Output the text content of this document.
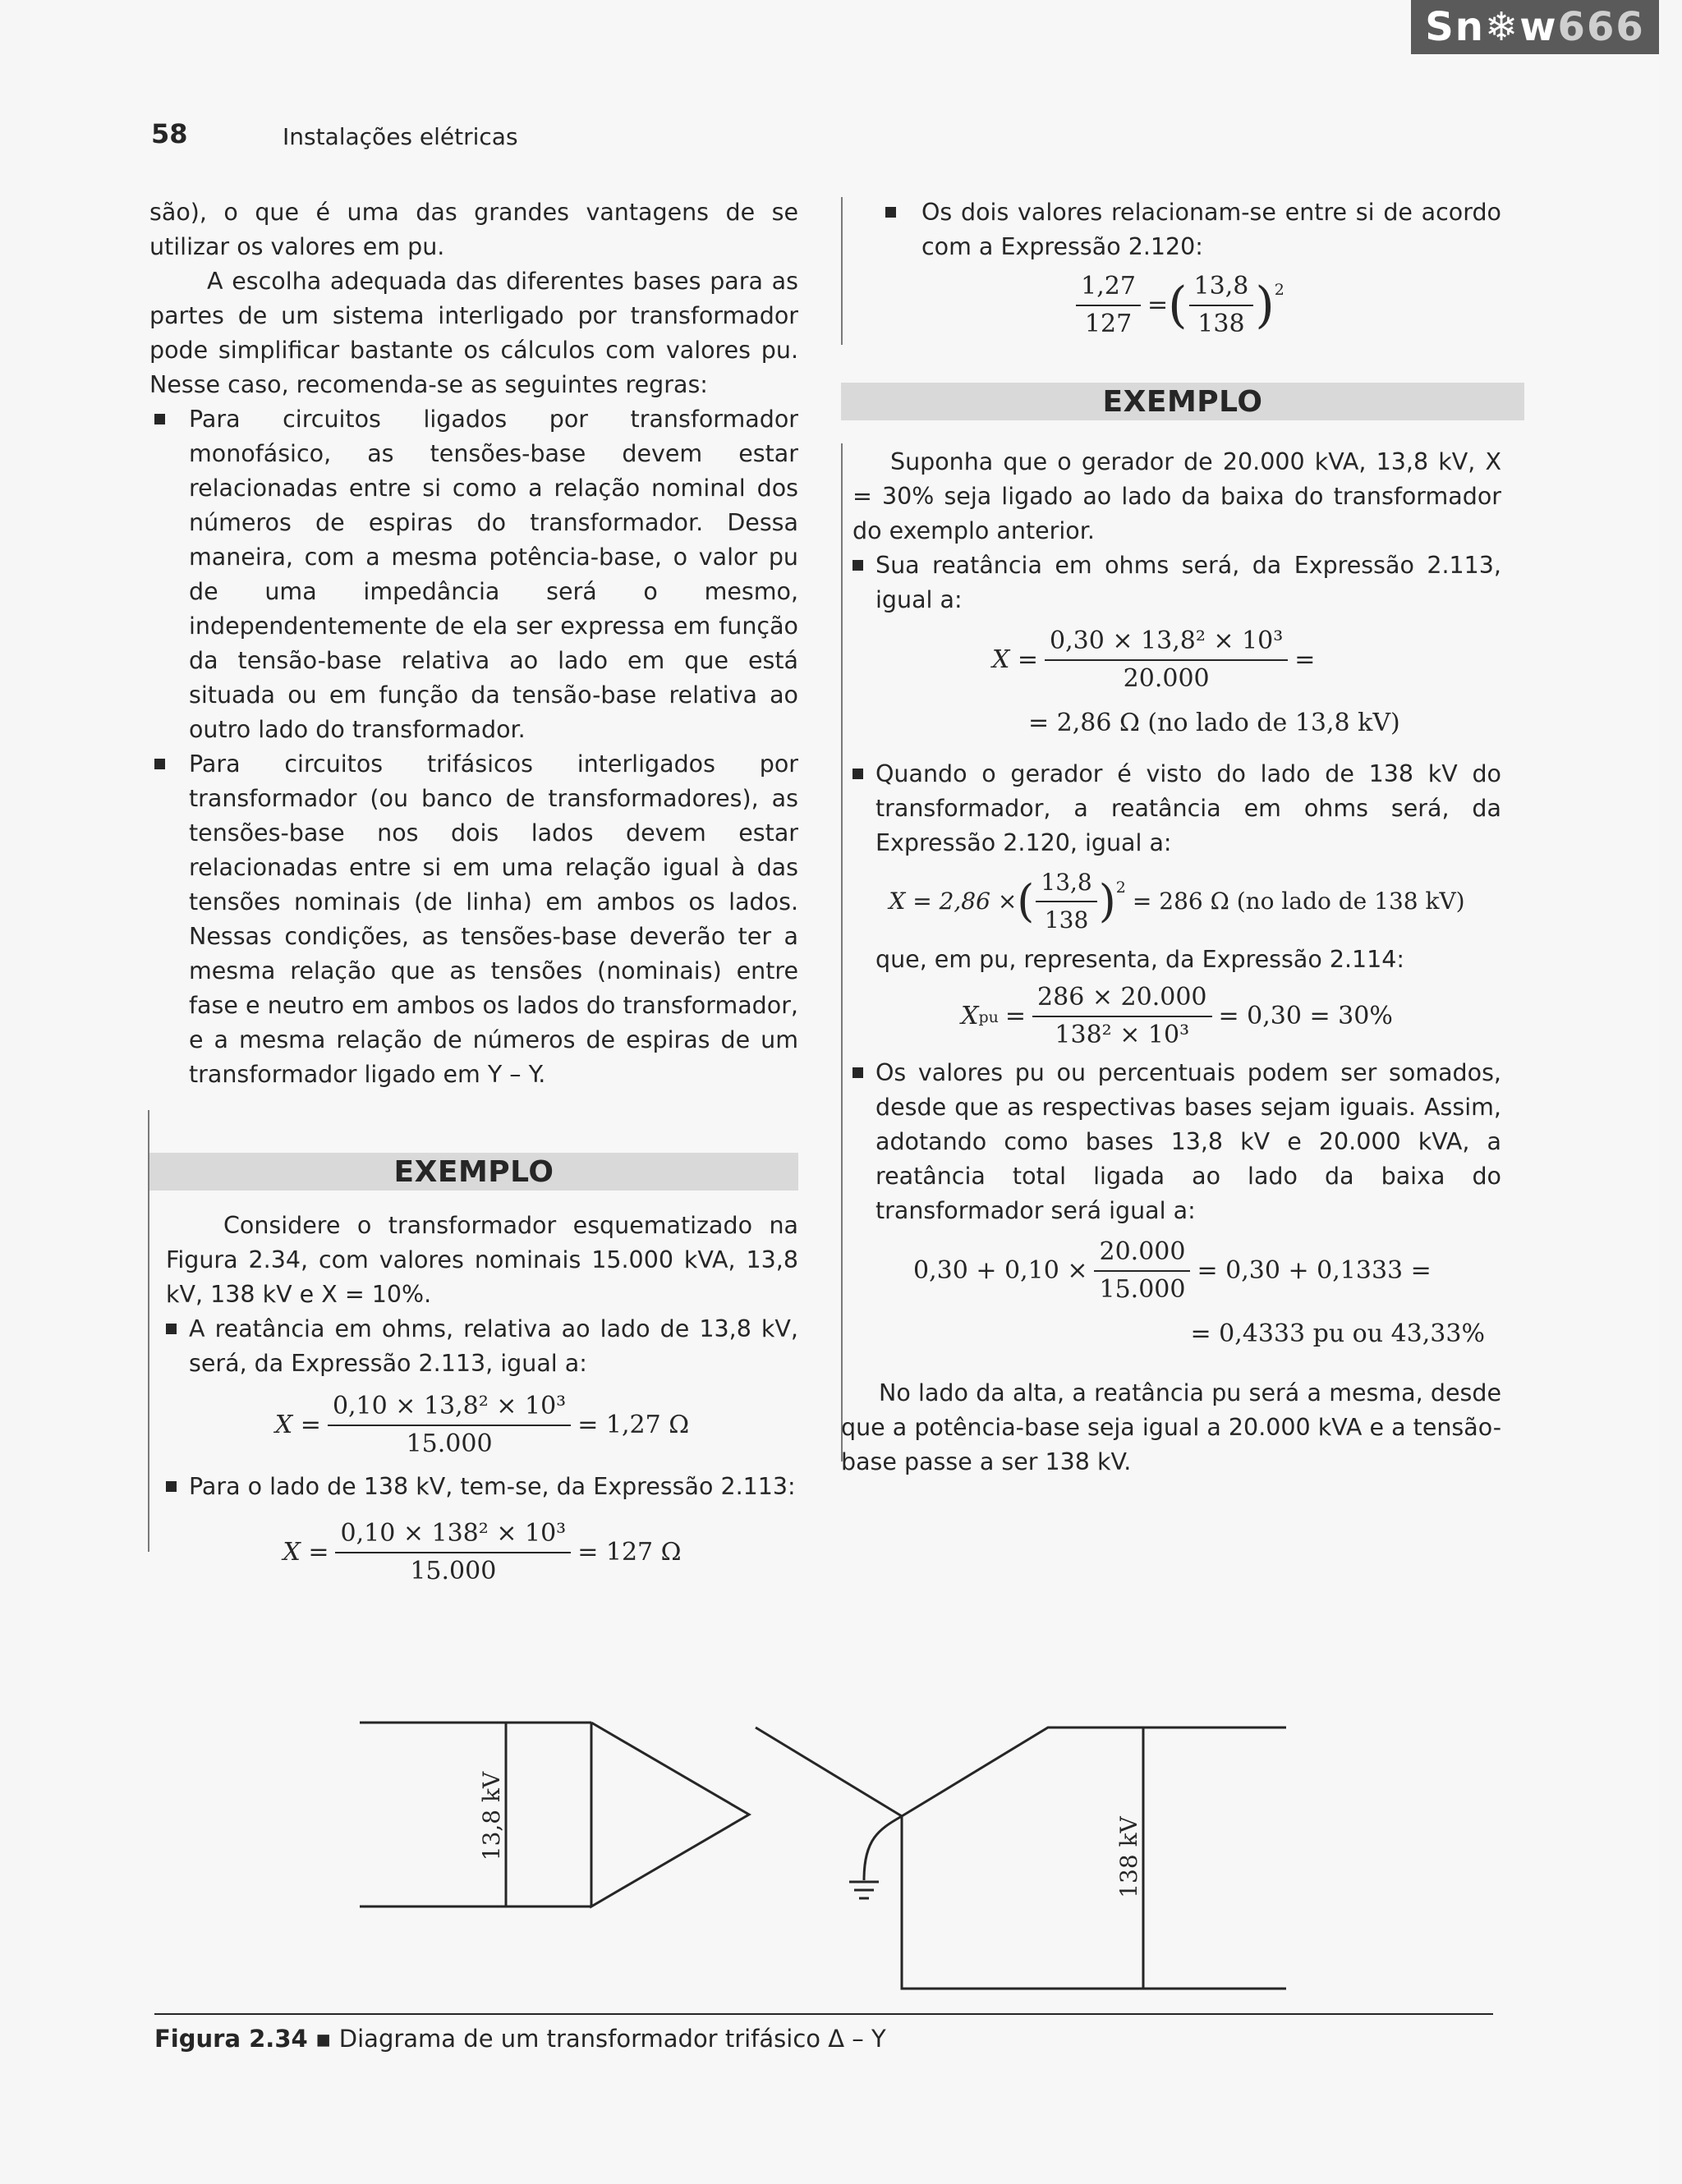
Sn❄w666
58	Instalações elétricas

são), o que é uma das grandes vantagens de se utilizar os valores em pu.

A escolha adequada das diferentes bases para as partes de um sistema interligado por transformador pode simplificar bastante os cálculos com valores pu. Nesse caso, recomenda-se as seguintes regras:

Para circuitos ligados por transformador monofásico, as tensões-base devem estar relacionadas entre si como a relação nominal dos números de espiras do transformador. Dessa maneira, com a mesma potência-base, o valor pu de uma impedância será o mesmo, independentemente de ela ser expressa em função da tensão-base relativa ao lado em que está situada ou em função da tensão-base relativa ao outro lado do transformador.
Para circuitos trifásicos interligados por transformador (ou banco de transformadores), as tensões-base nos dois lados devem estar relacionadas entre si em uma relação igual à das tensões nominais (de linha) em ambos os lados. Nessas condições, as tensões-base deverão ter a mesma relação que as tensões (nominais) entre fase e neutro em ambos os lados do transformador, e a mesma relação de números de espiras de um transformador ligado em Y – Y.
EXEMPLO

Considere o transformador esquematizado na Figura 2.34, com valores nominais 15.000 kVA, 13,8 kV, 138 kV e X = 10%.

A reatância em ohms, relativa ao lado de 13,8 kV, será, da Expressão 2.113, igual a:
$X = \frac{\text{0,10 × 13,8² × 10³}}{15.000} = 1,27$ Ω
Para o lado de 138 kV, tem-se, da Expressão 2.113:
$X = \frac{\text{0,10 × 138² × 10³}}{15.000} = 127$ Ω
Os dois valores relacionam-se entre si de acordo com a Expressão 2.120:
$\frac{1,27}{127}$ = ( $\frac{13,8}{138} )^2$
EXEMPLO

Suponha que o gerador de 20.000 kVA, 13,8 kV, X = 30% seja ligado ao lado da baixa do transformador do exemplo anterior.

Sua reatância em ohms será, da Expressão 2.113, igual a:
$X = \frac{\text{0,30 × 13,8² × 10³}}{20.000}$ =
= 2,86 Ω (no lado de 13,8 kV)
Quando o gerador é visto do lado de 138 kV do transformador, a reatância em ohms será, da Expressão 2.120, igual a:
X = 2,86 × ( $\frac{13,8}{138} )^2 = 286$ Ω (no lado de 138 kV)

que, em pu, representa, da Expressão 2.114:

X pu = $\frac{286 \times 20.000}{\text{138² × 10³}} = 0,30 = 30\%$
Os valores pu ou percentuais podem ser somados, desde que as respectivas bases sejam iguais. Assim, adotando como bases 13,8 kV e 20.000 kVA, a reatância total ligada ao lado da baixa do transformador será igual a:
$0,30 + 0,10 \times \frac{20.000}{15.000} = 0,30 + 0,1333$ =
= 0,4333 pu ou 43,33%

No lado da alta, a reatância pu será a mesma, desde que a potência-base seja igual a 20.000 kVA e a tensão-base passe a ser 138 kV.

13,8 kV	138 kV
Figura 2.34 ▪ Diagrama de um transformador trifásico Δ – Y
